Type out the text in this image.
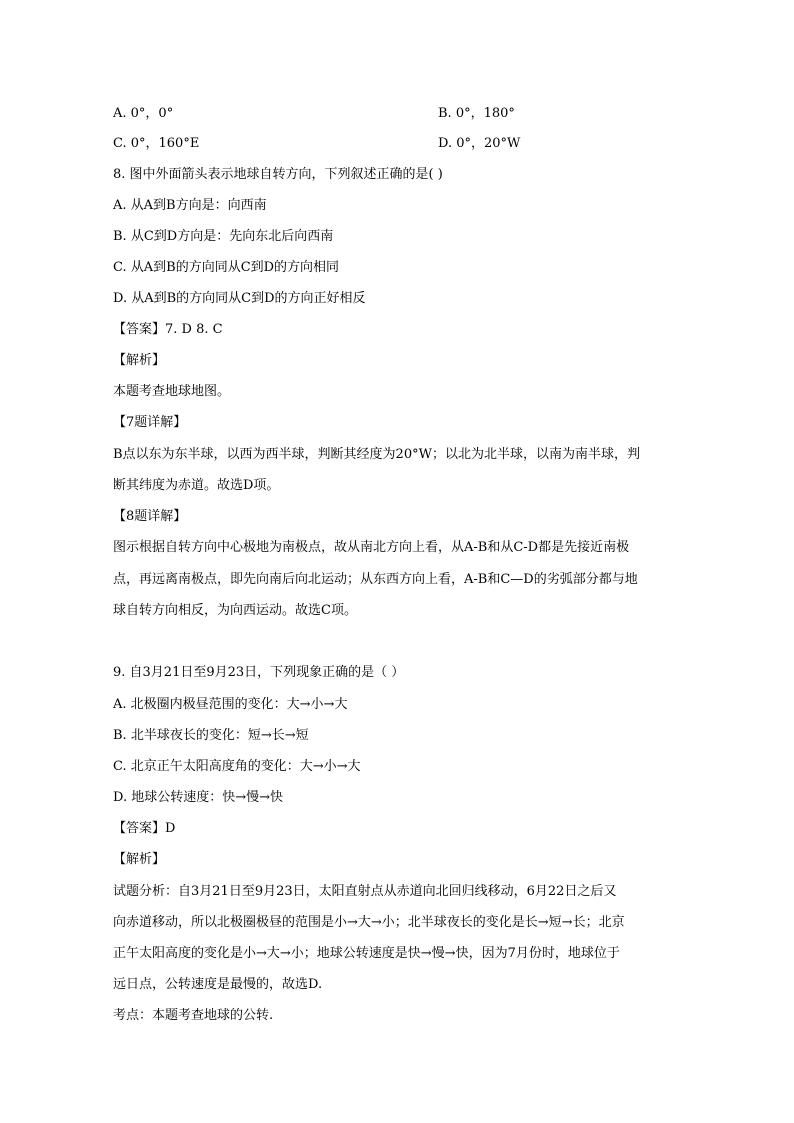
A. 0°，0°	B. 0°，180°
C. 0°，160°E	D. 0°，20°W
8. 图中外面箭头表示地球自转方向，下列叙述正确的是( )
A. 从A到B方向是：向西南
B. 从C到D方向是：先向东北后向西南
C. 从A到B的方向同从C到D的方向相同
D. 从A到B的方向同从C到D的方向正好相反
【答案】7. D 8. C
【解析】
本题考查地球地图。
【7题详解】
B点以东为东半球，以西为西半球，判断其经度为20°W；以北为北半球，以南为南半球，判
断其纬度为赤道。故选D项。
【8题详解】
图示根据自转方向中心极地为南极点，故从南北方向上看，从A-B和从C-D都是先接近南极
点，再远离南极点，即先向南后向北运动；从东西方向上看，A-B和C—D的劣弧部分都与地
球自转方向相反，为向西运动。故选C项。
9. 自3月21日至9月23日，下列现象正确的是（ ）
A. 北极圈内极昼范围的变化：大→小→大
B. 北半球夜长的变化：短→长→短
C. 北京正午太阳高度角的变化：大→小→大
D. 地球公转速度：快→慢→快
【答案】D
【解析】
试题分析：自3月21日至9月23日，太阳直射点从赤道向北回归线移动，6月22日之后又
向赤道移动，所以北极圈极昼的范围是小→大→小；北半球夜长的变化是长→短→长；北京
正午太阳高度的变化是小→大→小；地球公转速度是快→慢→快，因为7月份时，地球位于
远日点，公转速度是最慢的，故选D.
考点：本题考查地球的公转.
